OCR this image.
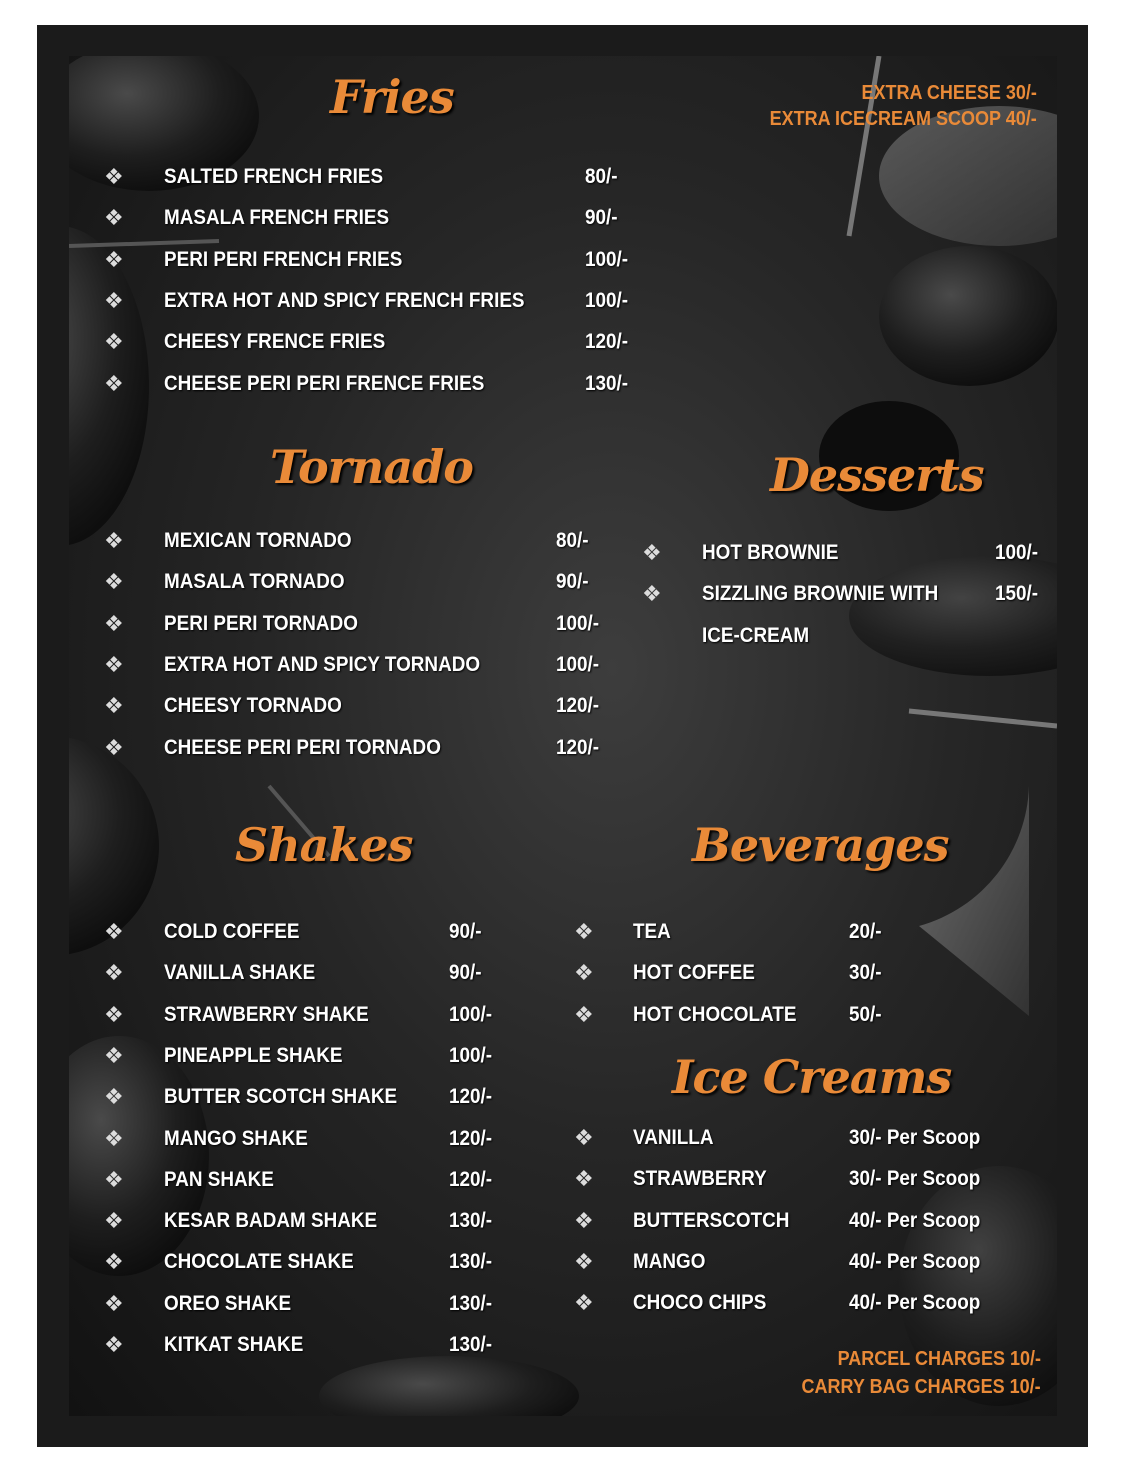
EXTRA CHEESE 30/-
EXTRA ICECREAM SCOOP 40/-
Fries
❖ SALTED FRENCH FRIES	80/-
❖ MASALA FRENCH FRIES	90/-
❖ PERI PERI FRENCH FRIES	100/-
❖ EXTRA HOT AND SPICY FRENCH FRIES	100/-
❖ CHEESY FRENCE FRIES	120/-
❖ CHEESE PERI PERI FRENCE FRIES	130/-
Tornado
❖ MEXICAN TORNADO	80/-
❖ MASALA TORNADO	90/-
❖ PERI PERI TORNADO	100/-
❖ EXTRA HOT AND SPICY TORNADO	100/-
❖ CHEESY TORNADO	120/-
❖ CHEESE PERI PERI TORNADO	120/-
Desserts
❖ HOT BROWNIE	100/-
❖ SIZZLING BROWNIE WITH	150/-
ICE-CREAM
Shakes
❖ COLD COFFEE	90/-
❖ VANILLA SHAKE	90/-
❖ STRAWBERRY SHAKE	100/-
❖ PINEAPPLE SHAKE	100/-
❖ BUTTER SCOTCH SHAKE 120/-
❖ MANGO SHAKE	120/-
❖ PAN SHAKE	120/-
❖ KESAR BADAM SHAKE	130/-
❖ CHOCOLATE SHAKE	130/-
❖ OREO SHAKE	130/-
❖ KITKAT SHAKE	130/-
Beverages
❖ TEA	20/-
❖ HOT COFFEE	30/-
❖ HOT CHOCOLATE	50/-
Ice Creams
❖ VANILLA	30/- Per Scoop
❖ STRAWBERRY	30/- Per Scoop
❖ BUTTERSCOTCH	40/- Per Scoop
❖ MANGO	40/- Per Scoop
❖ CHOCO CHIPS	40/- Per Scoop
PARCEL CHARGES 10/-
CARRY BAG CHARGES 10/-
